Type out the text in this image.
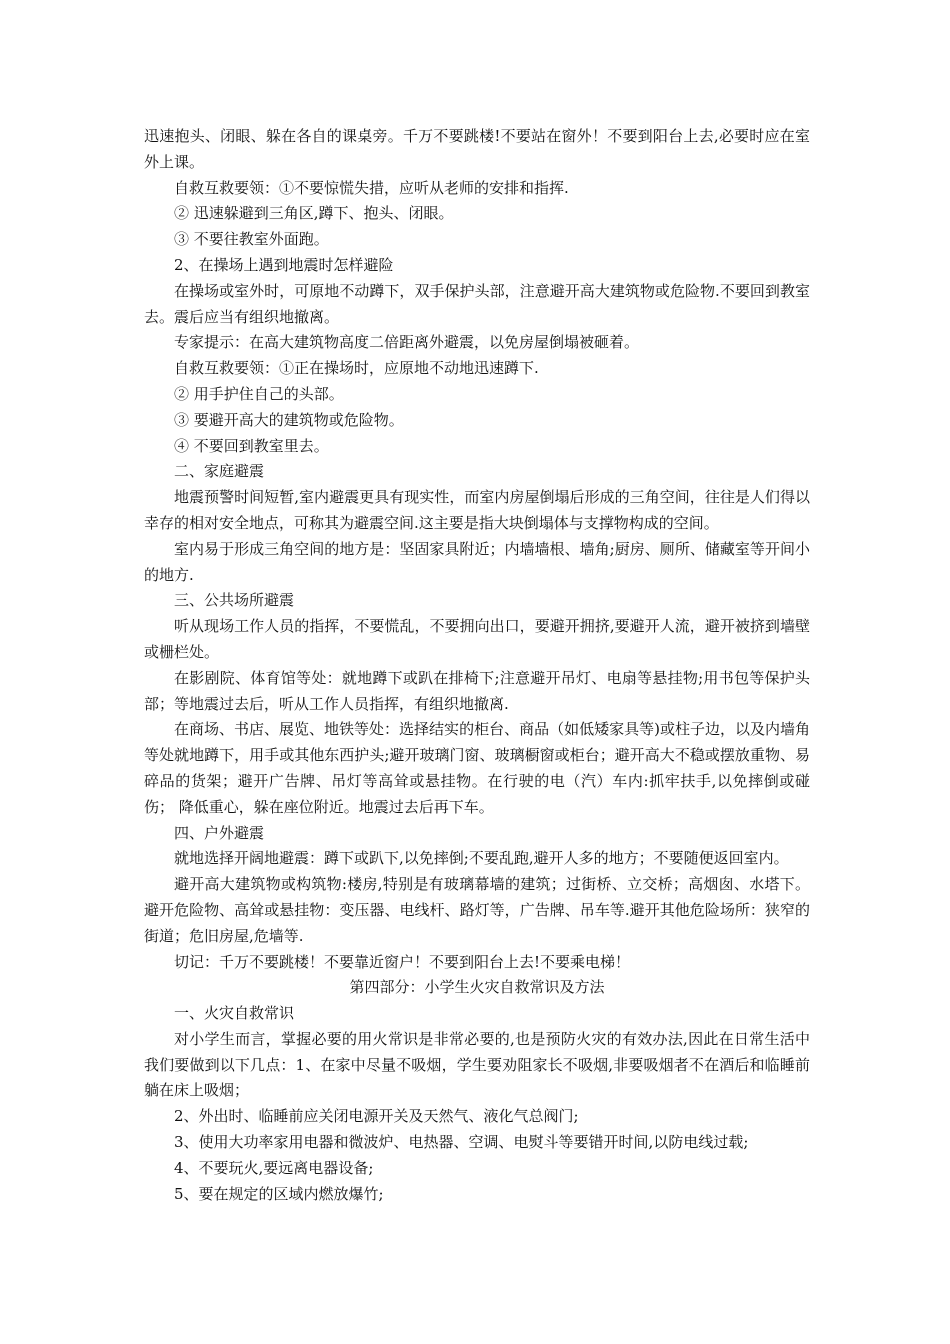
迅速抱头、闭眼、躲在各自的课桌旁。千万不要跳楼!不要站在窗外！不要到阳台上去,必要时应在室外上课。

自救互救要领：①不要惊慌失措，应听从老师的安排和指挥.

② 迅速躲避到三角区,蹲下、抱头、闭眼。

③ 不要往教室外面跑。

2、在操场上遇到地震时怎样避险

在操场或室外时，可原地不动蹲下，双手保护头部，注意避开高大建筑物或危险物.不要回到教室去。震后应当有组织地撤离。

专家提示：在高大建筑物高度二倍距离外避震，以免房屋倒塌被砸着。

自救互救要领：①正在操场时，应原地不动地迅速蹲下.

② 用手护住自己的头部。

③ 要避开高大的建筑物或危险物。

④ 不要回到教室里去。

二、家庭避震

地震预警时间短暂,室内避震更具有现实性，而室内房屋倒塌后形成的三角空间，往往是人们得以幸存的相对安全地点，可称其为避震空间.这主要是指大块倒塌体与支撑物构成的空间。

室内易于形成三角空间的地方是：坚固家具附近；内墙墙根、墙角;厨房、厕所、储藏室等开间小的地方.

三、公共场所避震

听从现场工作人员的指挥，不要慌乱，不要拥向出口，要避开拥挤,要避开人流，避开被挤到墙壁或栅栏处。

在影剧院、体育馆等处：就地蹲下或趴在排椅下;注意避开吊灯、电扇等悬挂物;用书包等保护头部；等地震过去后，听从工作人员指挥，有组织地撤离.

在商场、书店、展览、地铁等处：选择结实的柜台、商品（如低矮家具等)或柱子边，以及内墙角等处就地蹲下，用手或其他东西护头;避开玻璃门窗、玻璃橱窗或柜台；避开高大不稳或摆放重物、易碎品的货架；避开广告牌、吊灯等高耸或悬挂物。在行驶的电（汽）车内:抓牢扶手,以免摔倒或碰伤； 降低重心，躲在座位附近。地震过去后再下车。

四、户外避震

就地选择开阔地避震：蹲下或趴下,以免摔倒;不要乱跑,避开人多的地方；不要随便返回室内。

避开高大建筑物或构筑物:楼房,特别是有玻璃幕墙的建筑；过街桥、立交桥；高烟囱、水塔下。避开危险物、高耸或悬挂物：变压器、电线杆、路灯等，广告牌、吊车等.避开其他危险场所：狭窄的街道；危旧房屋,危墙等.

切记：千万不要跳楼！不要靠近窗户！不要到阳台上去!不要乘电梯！

第四部分：小学生火灾自救常识及方法

一、火灾自救常识

对小学生而言，掌握必要的用火常识是非常必要的,也是预防火灾的有效办法,因此在日常生活中我们要做到以下几点：1、在家中尽量不吸烟，学生要劝阻家长不吸烟,非要吸烟者不在酒后和临睡前躺在床上吸烟；

2、外出时、临睡前应关闭电源开关及天然气、液化气总阀门;

3、使用大功率家用电器和微波炉、电热器、空调、电熨斗等要错开时间,以防电线过载;

4、不要玩火,要远离电器设备;

5、要在规定的区域内燃放爆竹;
